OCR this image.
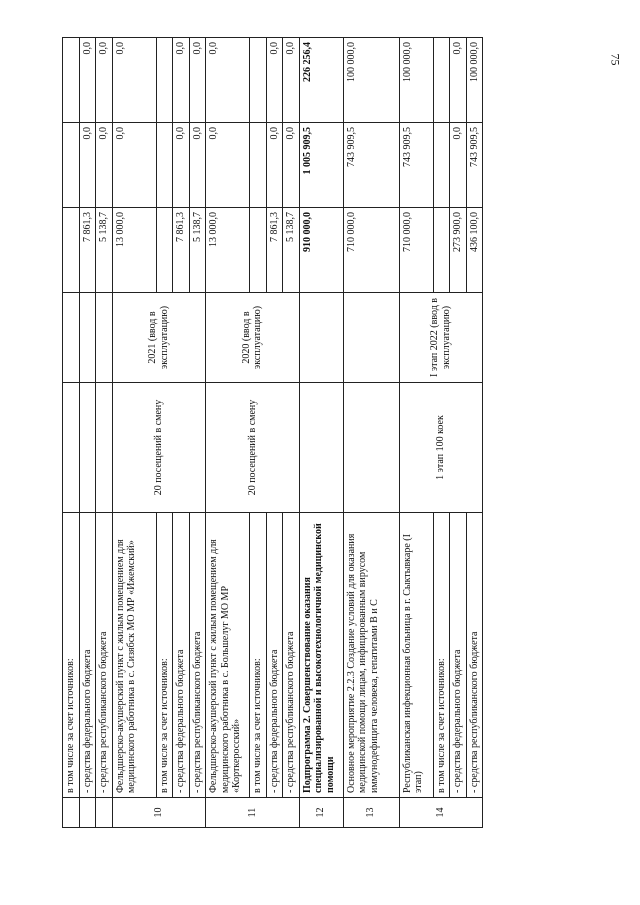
75
	в том числе за счет источников:					
	- средства федерального бюджета			7 861,3	0,0	0,0
	- средства республиканского бюджета			5 138,7	0,0	0,0
10	Фельдшерско-акушерский пункт с жилым помещением для медицинского работника в с. Сизябск МО МР «Ижемский»	20 посещений в смену	2021 (ввод в эксплуатацию)	13 000,0	0,0	0,0
	в том числе за счет источников:					
	- средства федерального бюджета			7 861,3	0,0	0,0
	- средства республиканского бюджета			5 138,7	0,0	0,0
11	Фельдшерско-акушерский пункт с жилым помещением для медицинского работника в с. Большелуг МО МР «Корткеросский»	20 посещений в смену	2020 (ввод в эксплуатацию)	13 000,0	0,0	0,0
	в том числе за счет источников:					
	- средства федерального бюджета			7 861,3	0,0	0,0
	- средства республиканского бюджета			5 138,7	0,0	0,0
12	Подпрограмма 2. Совершенствование оказания специализированной и высокотехнологичной медицинской помощи			910 000,0	1 005 909,5	226 256,4
13	Основное мероприятие 2.2.3 Создание условий для оказания медицинской помощи лицам, инфицированным вирусом иммунодефицита человека, гепатитами В и С			710 000,0	743 909,5	100 000,0
14	Республиканская инфекционная больница в г. Сыктывкаре (I этап)	1 этап 100 коек	I этап 2022 (ввод в эксплуатацию)	710 000,0	743 909,5	100 000,0
	в том числе за счет источников:					
	- средства федерального бюджета			273 900,0	0,0	0,0
	- средства республиканского бюджета			436 100,0	743 909,5	100 000,0
